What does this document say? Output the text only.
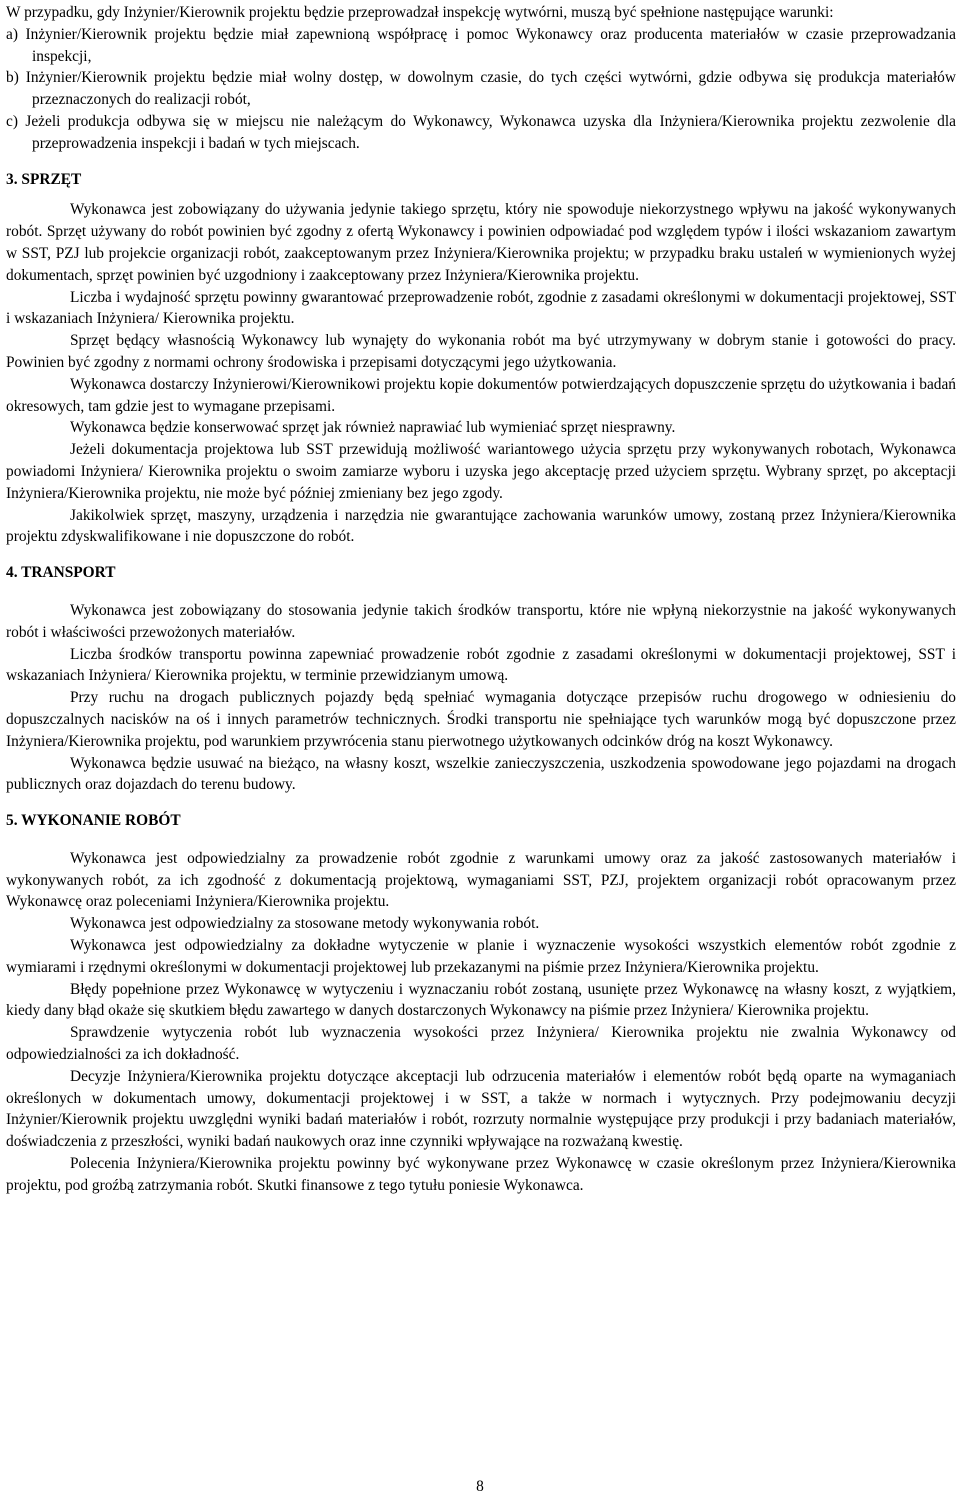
W przypadku, gdy Inżynier/Kierownik projektu będzie przeprowadzał inspekcję wytwórni, muszą być spełnione następujące warunki:

a) Inżynier/Kierownik projektu będzie miał zapewnioną współpracę i pomoc Wykonawcy oraz producenta materiałów w czasie przeprowadzania inspekcji,

b) Inżynier/Kierownik projektu będzie miał wolny dostęp, w dowolnym czasie, do tych części wytwórni, gdzie odbywa się produkcja materiałów przeznaczonych do realizacji robót,

c) Jeżeli produkcja odbywa się w miejscu nie należącym do Wykonawcy, Wykonawca uzyska dla Inżyniera/Kierownika projektu zezwolenie dla przeprowadzenia inspekcji i badań w tych miejscach.

3. SPRZĘT

Wykonawca jest zobowiązany do używania jedynie takiego sprzętu, który nie spowoduje niekorzystnego wpływu na jakość wykonywanych robót. Sprzęt używany do robót powinien być zgodny z ofertą Wykonawcy i powinien odpowiadać pod względem typów i ilości wskazaniom zawartym w SST, PZJ lub projekcie organizacji robót, zaakceptowanym przez Inżyniera/Kierownika projektu; w przypadku braku ustaleń w wymienionych wyżej dokumentach, sprzęt powinien być uzgodniony i zaakceptowany przez Inżyniera/Kierownika projektu.

Liczba i wydajność sprzętu powinny gwarantować przeprowadzenie robót, zgodnie z zasadami określonymi w dokumentacji projektowej, SST i wskazaniach Inżyniera/ Kierownika projektu.

Sprzęt będący własnością Wykonawcy lub wynajęty do wykonania robót ma być utrzymywany w dobrym stanie i gotowości do pracy. Powinien być zgodny z normami ochrony środowiska i przepisami dotyczącymi jego użytkowania.

Wykonawca dostarczy Inżynierowi/Kierownikowi projektu kopie dokumentów potwierdzających dopuszczenie sprzętu do użytkowania i badań okresowych, tam gdzie jest to wymagane przepisami.

Wykonawca będzie konserwować sprzęt jak również naprawiać lub wymieniać sprzęt niesprawny.

Jeżeli dokumentacja projektowa lub SST przewidują możliwość wariantowego użycia sprzętu przy wykonywanych robotach, Wykonawca powiadomi Inżyniera/ Kierownika projektu o swoim zamiarze wyboru i uzyska jego akceptację przed użyciem sprzętu. Wybrany sprzęt, po akceptacji Inżyniera/Kierownika projektu, nie może być później zmieniany bez jego zgody.

Jakikolwiek sprzęt, maszyny, urządzenia i narzędzia nie gwarantujące zachowania warunków umowy, zostaną przez Inżyniera/Kierownika projektu zdyskwalifikowane i nie dopuszczone do robót.

4. TRANSPORT

Wykonawca jest zobowiązany do stosowania jedynie takich środków transportu, które nie wpłyną niekorzystnie na jakość wykonywanych robót i właściwości przewożonych materiałów.

Liczba środków transportu powinna zapewniać prowadzenie robót zgodnie z zasadami określonymi w dokumentacji projektowej, SST i wskazaniach Inżyniera/ Kierownika projektu, w terminie przewidzianym umową.

Przy ruchu na drogach publicznych pojazdy będą spełniać wymagania dotyczące przepisów ruchu drogowego w odniesieniu do dopuszczalnych nacisków na oś i innych parametrów technicznych. Środki transportu nie spełniające tych warunków mogą być dopuszczone przez Inżyniera/Kierownika projektu, pod warunkiem przywrócenia stanu pierwotnego użytkowanych odcinków dróg na koszt Wykonawcy.

Wykonawca będzie usuwać na bieżąco, na własny koszt, wszelkie zanieczyszczenia, uszkodzenia spowodowane jego pojazdami na drogach publicznych oraz dojazdach do terenu budowy.

5. WYKONANIE ROBÓT

Wykonawca jest odpowiedzialny za prowadzenie robót zgodnie z warunkami umowy oraz za jakość zastosowanych materiałów i wykonywanych robót, za ich zgodność z dokumentacją projektową, wymaganiami SST, PZJ, projektem organizacji robót opracowanym przez Wykonawcę oraz poleceniami Inżyniera/Kierownika projektu.

Wykonawca jest odpowiedzialny za stosowane metody wykonywania robót.

Wykonawca jest odpowiedzialny za dokładne wytyczenie w planie i wyznaczenie wysokości wszystkich elementów robót zgodnie z wymiarami i rzędnymi określonymi w dokumentacji projektowej lub przekazanymi na piśmie przez Inżyniera/Kierownika projektu.

Błędy popełnione przez Wykonawcę w wytyczeniu i wyznaczaniu robót zostaną, usunięte przez Wykonawcę na własny koszt, z wyjątkiem, kiedy dany błąd okaże się skutkiem błędu zawartego w danych dostarczonych Wykonawcy na piśmie przez Inżyniera/ Kierownika projektu.

Sprawdzenie wytyczenia robót lub wyznaczenia wysokości przez Inżyniera/ Kierownika projektu nie zwalnia Wykonawcy od odpowiedzialności za ich dokładność.

Decyzje Inżyniera/Kierownika projektu dotyczące akceptacji lub odrzucenia materiałów i elementów robót będą oparte na wymaganiach określonych w dokumentach umowy, dokumentacji projektowej i w SST, a także w normach i wytycznych. Przy podejmowaniu decyzji Inżynier/Kierownik projektu uwzględni wyniki badań materiałów i robót, rozrzuty normalnie występujące przy produkcji i przy badaniach materiałów, doświadczenia z przeszłości, wyniki badań naukowych oraz inne czynniki wpływające na rozważaną kwestię.

Polecenia Inżyniera/Kierownika projektu powinny być wykonywane przez Wykonawcę w czasie określonym przez Inżyniera/Kierownika projektu, pod groźbą zatrzymania robót. Skutki finansowe z tego tytułu poniesie Wykonawca.

8
